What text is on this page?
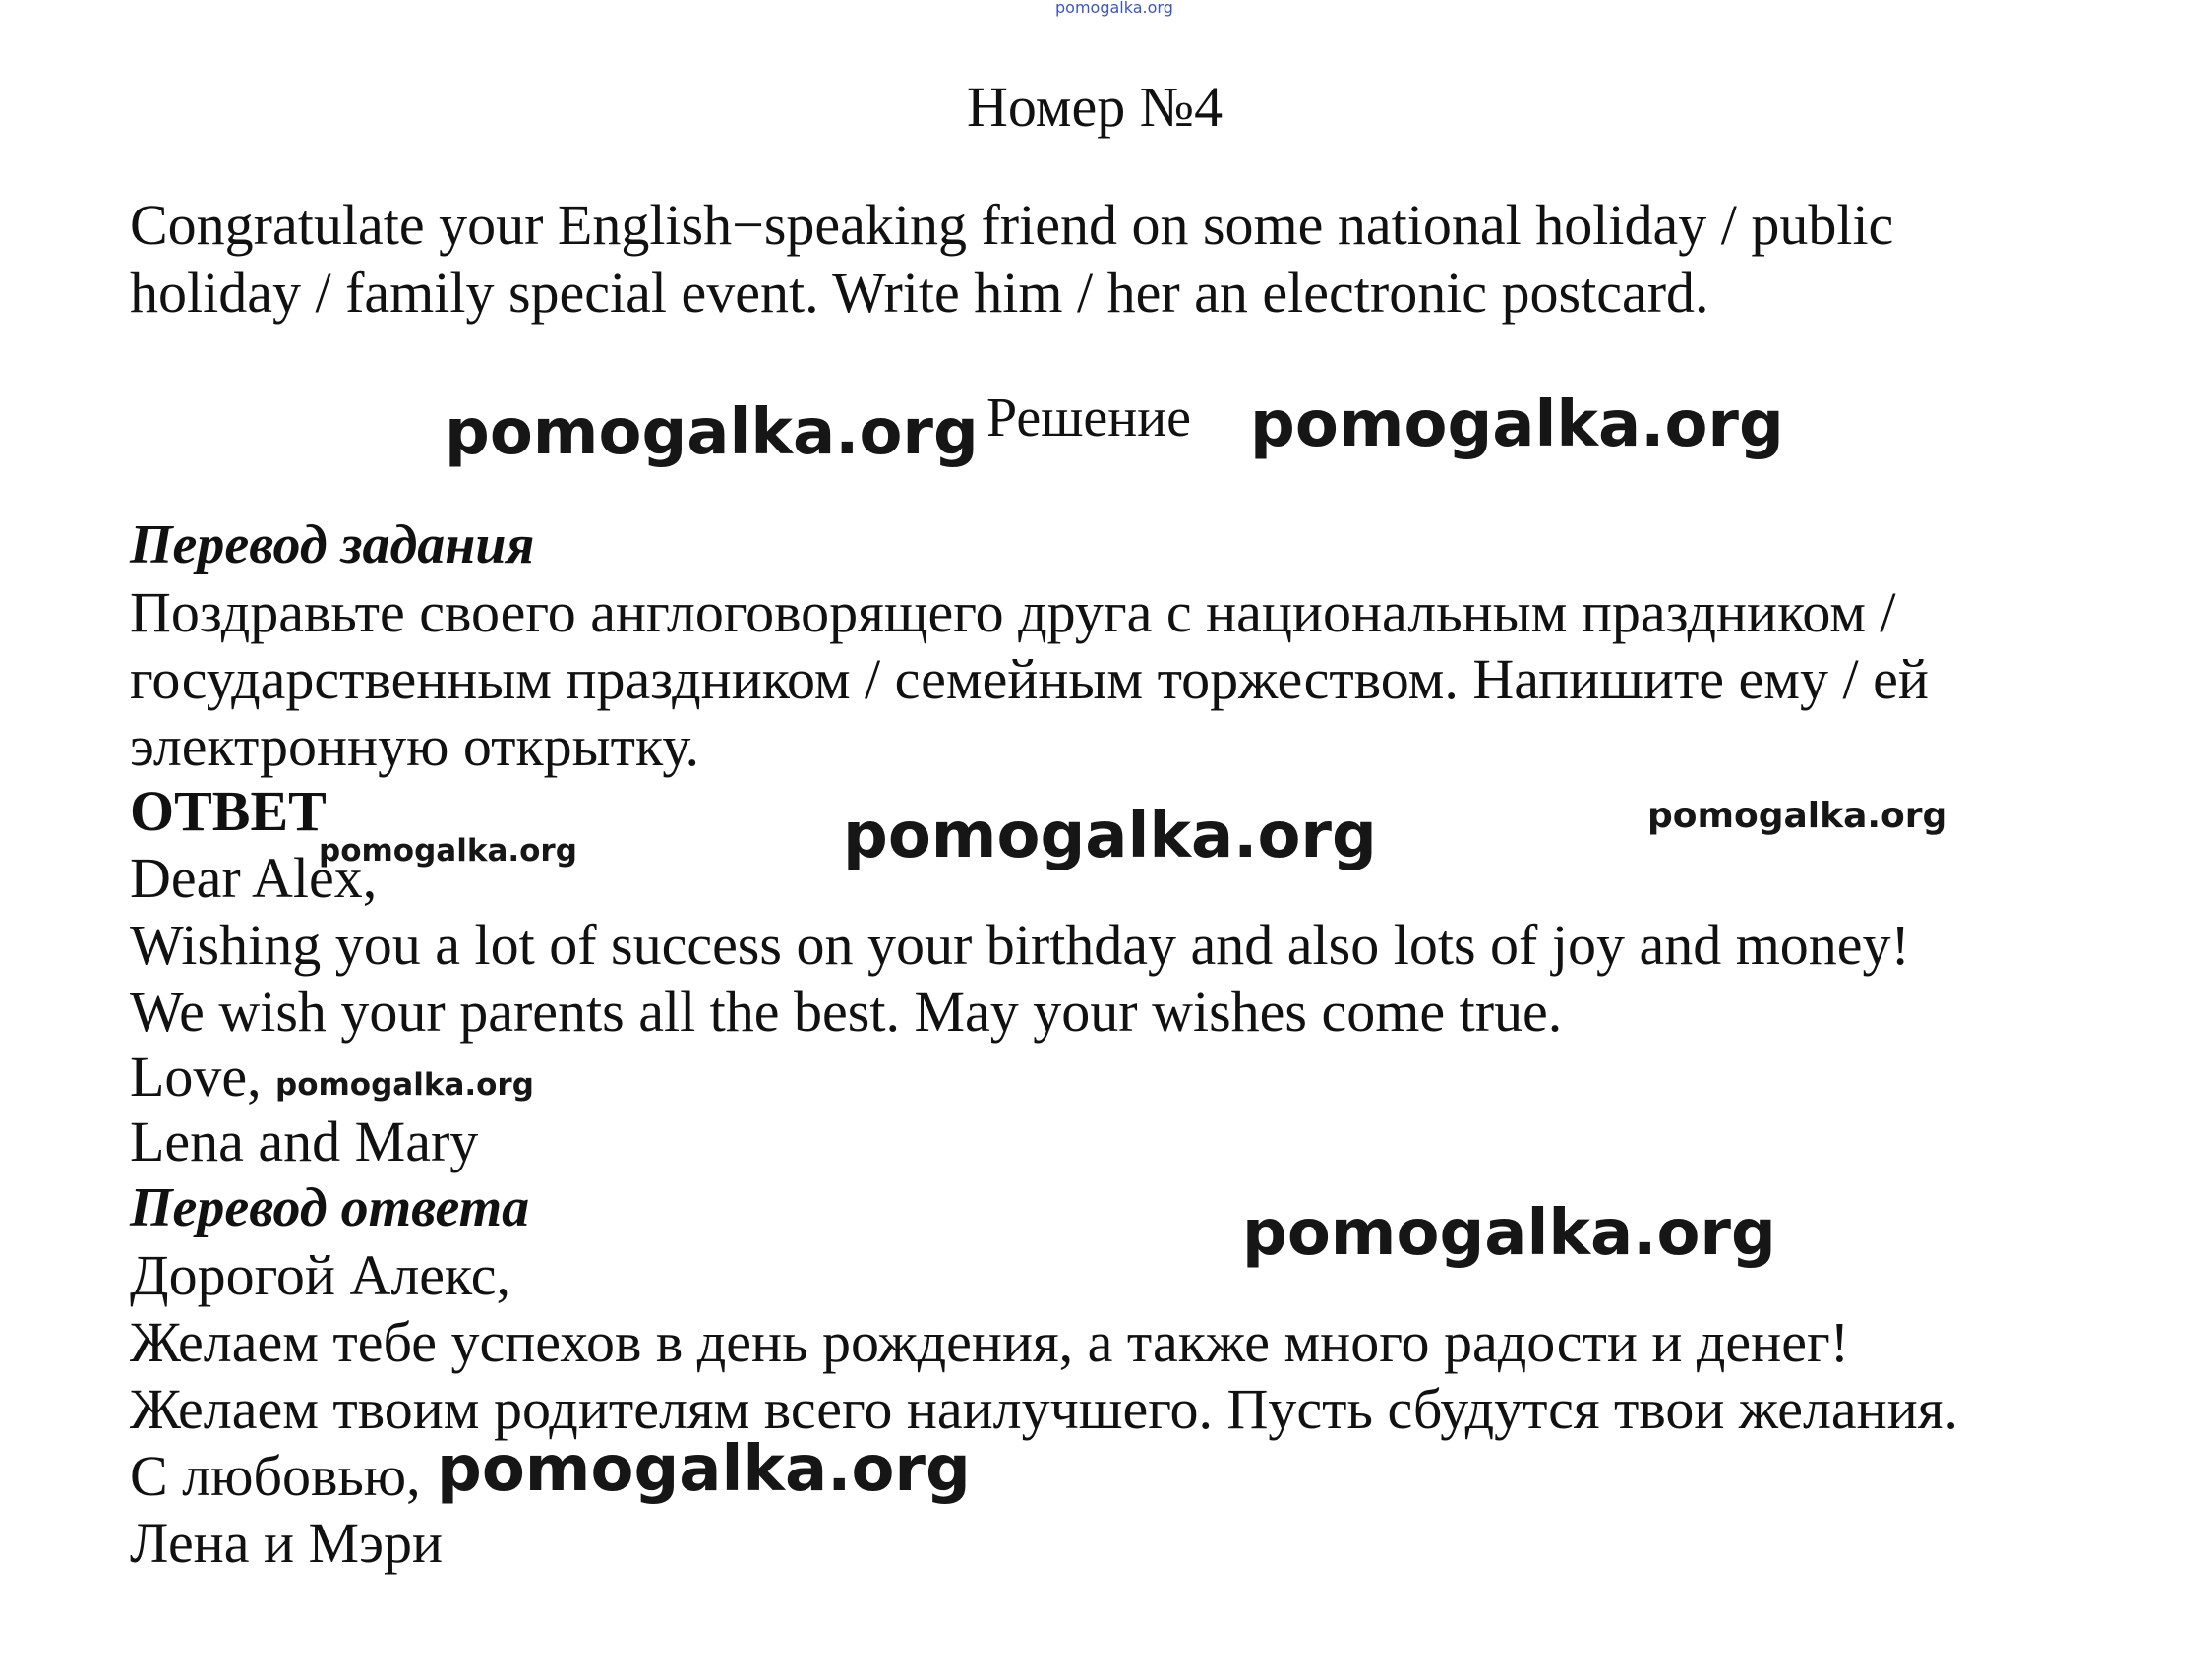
pomogalka.org
Номер №4
Congratulate your English−speaking friend on some national holiday / public
holiday / family special event. Write him / her an electronic postcard.
pomogalka.org Решение pomogalka.org
Перевод задания
Поздравьте своего англоговорящего друга с национальным праздником /
государственным праздником / семейным торжеством. Напишите ему / ей
электронную открытку.
ОТВЕТ	pomogalka.org	pomogalka.org
Dear Alex,
pomogalka.org
Wishing you a lot of success on your birthday and also lots of joy and money!
We wish your parents all the best. May your wishes come true.
Love, pomogalka.org
Lena and Mary
Перевод ответа	pomogalka.org
Дорогой Алекс,
Желаем тебе успехов в день рождения, а также много радости и денег!
Желаем твоим родителям всего наилучшего. Пусть сбудутся твои желания.
С любовью, pomogalka.org
Лена и Мэри
